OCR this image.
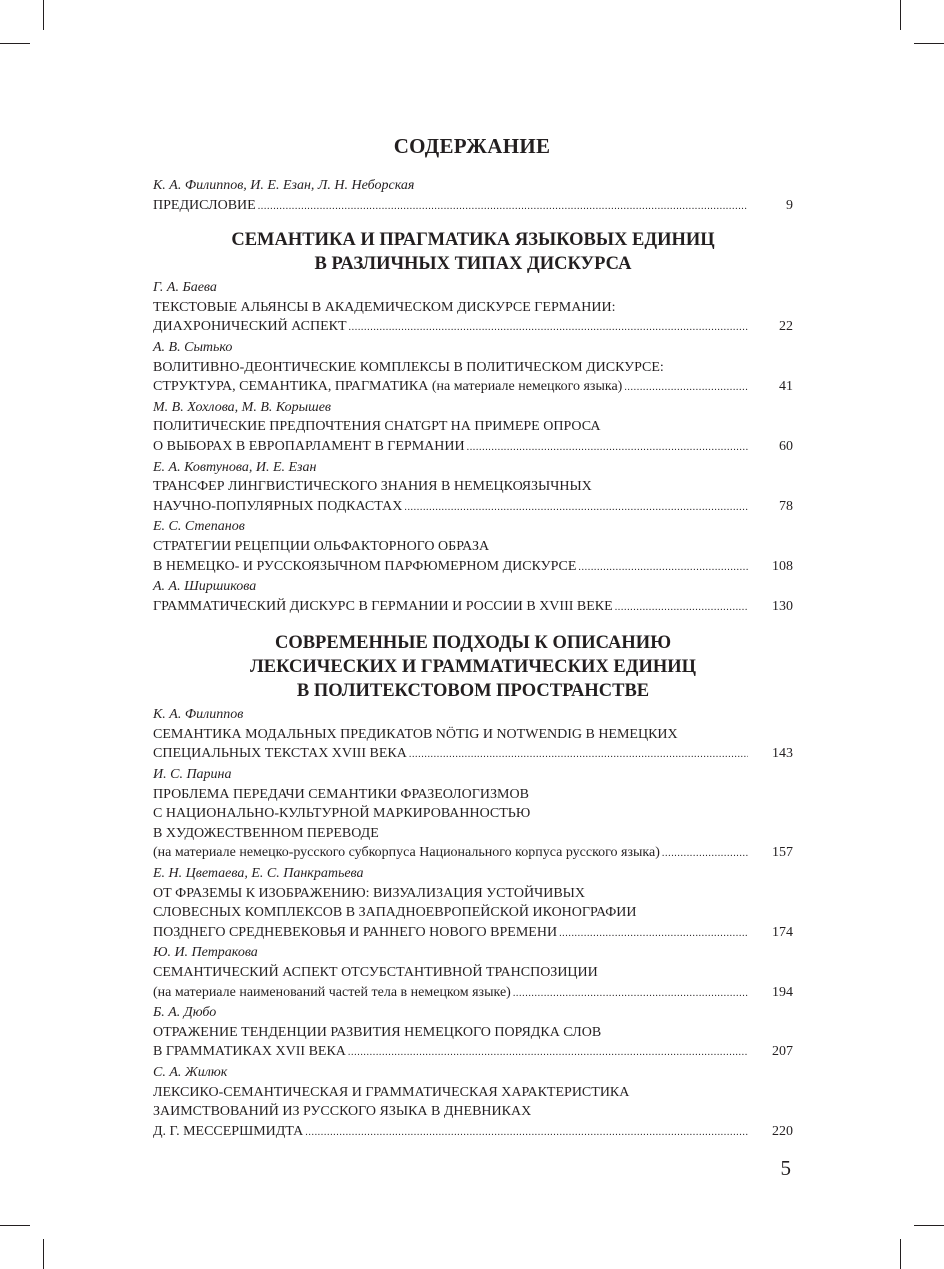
СОДЕРЖАНИЕ
К. А. Филиппов, И. Е. Езан, Л. Н. Неборская
ПРЕДИСЛОВИЕ .....	9
СЕМАНТИКА И ПРАГМАТИКА ЯЗЫКОВЫХ ЕДИНИЦ
В РАЗЛИЧНЫХ ТИПАХ ДИСКУРСА
Г. А. Баева
ТЕКСТОВЫЕ АЛЬЯНСЫ В АКАДЕМИЧЕСКОМ ДИСКУРСЕ ГЕРМАНИИ:
ДИАХРОНИЧЕСКИЙ АСПЕКТ .....	22
А. В. Сытько
ВОЛИТИВНО-ДЕОНТИЧЕСКИЕ КОМПЛЕКСЫ В ПОЛИТИЧЕСКОМ ДИСКУРСЕ:
СТРУКТУРА, СЕМАНТИКА, ПРАГМАТИКА (на материале немецкого языка) .....	41
М. В. Хохлова, М. В. Корышев
ПОЛИТИЧЕСКИЕ ПРЕДПОЧТЕНИЯ CHATGPT НА ПРИМЕРЕ ОПРОСА
О ВЫБОРАХ В ЕВРОПАРЛАМЕНТ В ГЕРМАНИИ .....	60
Е. А. Ковтунова, И. Е. Езан
ТРАНСФЕР ЛИНГВИСТИЧЕСКОГО ЗНАНИЯ В НЕМЕЦКОЯЗЫЧНЫХ
НАУЧНО-ПОПУЛЯРНЫХ ПОДКАСТАХ .....	78
Е. С. Степанов
СТРАТЕГИИ РЕЦЕПЦИИ ОЛЬФАКТОРНОГО ОБРАЗА
В НЕМЕЦКО- И РУССКОЯЗЫЧНОМ ПАРФЮМЕРНОМ ДИСКУРСЕ .....	108
А. А. Ширшикова
ГРАММАТИЧЕСКИЙ ДИСКУРС В ГЕРМАНИИ И РОССИИ В XVIII ВЕКЕ .....	130
СОВРЕМЕННЫЕ ПОДХОДЫ К ОПИСАНИЮ
ЛЕКСИЧЕСКИХ И ГРАММАТИЧЕСКИХ ЕДИНИЦ
В ПОЛИТЕКСТОВОМ ПРОСТРАНСТВЕ
К. А. Филиппов
СЕМАНТИКА МОДАЛЬНЫХ ПРЕДИКАТОВ NÖTIG И NOTWENDIG В НЕМЕЦКИХ
СПЕЦИАЛЬНЫХ ТЕКСТАХ XVIII ВЕКА .....	143
И. С. Парина
ПРОБЛЕМА ПЕРЕДАЧИ СЕМАНТИКИ ФРАЗЕОЛОГИЗМОВ
С НАЦИОНАЛЬНО-КУЛЬТУРНОЙ МАРКИРОВАННОСТЬЮ
В ХУДОЖЕСТВЕННОМ ПЕРЕВОДЕ
(на материале немецко-русского субкорпуса Национального корпуса русского языка) .....	157
Е. Н. Цветаева, Е. С. Панкратьева
ОТ ФРАЗЕМЫ К ИЗОБРАЖЕНИЮ: ВИЗУАЛИЗАЦИЯ УСТОЙЧИВЫХ
СЛОВЕСНЫХ КОМПЛЕКСОВ В ЗАПАДНОЕВРОПЕЙСКОЙ ИКОНОГРАФИИ
ПОЗДНЕГО СРЕДНЕВЕКОВЬЯ И РАННЕГО НОВОГО ВРЕМЕНИ .....	174
Ю. И. Петракова
СЕМАНТИЧЕСКИЙ АСПЕКТ ОТСУБСТАНТИВНОЙ ТРАНСПОЗИЦИИ
(на материале наименований частей тела в немецком языке) .....	194
Б. А. Дюбо
ОТРАЖЕНИЕ ТЕНДЕНЦИИ РАЗВИТИЯ НЕМЕЦКОГО ПОРЯДКА СЛОВ
В ГРАММАТИКАХ XVII ВЕКА .....	207
С. А. Жилюк
ЛЕКСИКО-СЕМАНТИЧЕСКАЯ И ГРАММАТИЧЕСКАЯ ХАРАКТЕРИСТИКА
ЗАИМСТВОВАНИЙ ИЗ РУССКОГО ЯЗЫКА В ДНЕВНИКАХ
Д. Г. МЕССЕРШМИДТА .....	220
5
